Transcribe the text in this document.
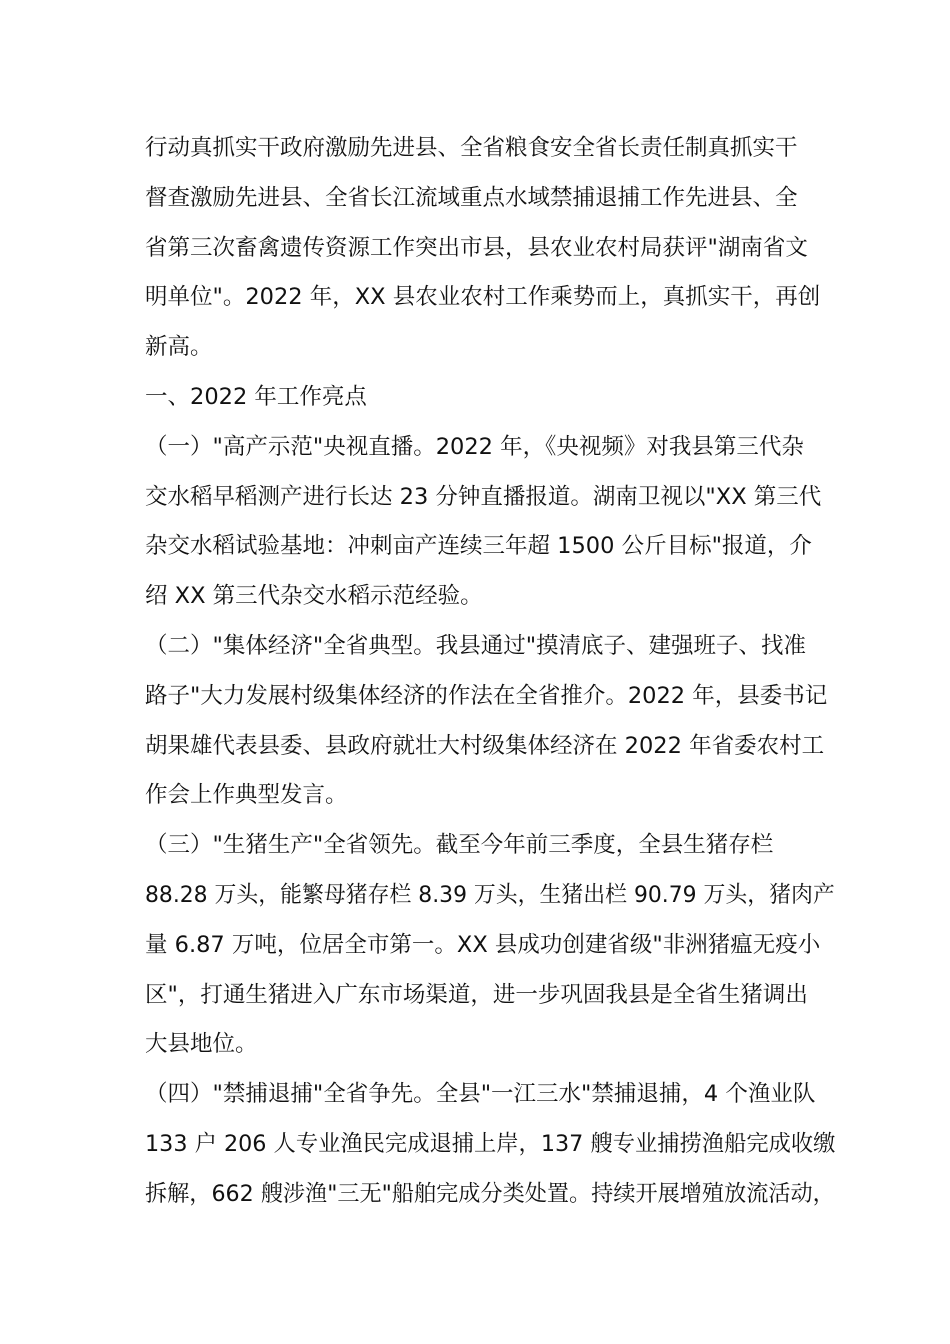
行动真抓实干政府激励先进县、全省粮食安全省长责任制真抓实干
督查激励先进县、全省长江流域重点水域禁捕退捕工作先进县、全
省第三次畜禽遗传资源工作突出市县，县农业农村局获评"湖南省文
明单位"。2022 年，XX 县农业农村工作乘势而上，真抓实干，再创
新高。
一、2022 年工作亮点
（一）"高产示范"央视直播。2022 年，《央视频》对我县第三代杂
交水稻早稻测产进行长达 23 分钟直播报道。湖南卫视以"XX 第三代
杂交水稻试验基地：冲刺亩产连续三年超 1500 公斤目标"报道，介
绍 XX 第三代杂交水稻示范经验。
（二）"集体经济"全省典型。我县通过"摸清底子、建强班子、找准
路子"大力发展村级集体经济的作法在全省推介。2022 年，县委书记
胡果雄代表县委、县政府就壮大村级集体经济在 2022 年省委农村工
作会上作典型发言。
（三）"生猪生产"全省领先。截至今年前三季度，全县生猪存栏
88.28 万头，能繁母猪存栏 8.39 万头，生猪出栏 90.79 万头，猪肉产
量 6.87 万吨，位居全市第一。XX 县成功创建省级"非洲猪瘟无疫小
区"，打通生猪进入广东市场渠道，进一步巩固我县是全省生猪调出
大县地位。
（四）"禁捕退捕"全省争先。全县"一江三水"禁捕退捕，4 个渔业队
133 户 206 人专业渔民完成退捕上岸，137 艘专业捕捞渔船完成收缴
拆解，662 艘涉渔"三无"船舶完成分类处置。持续开展增殖放流活动，
